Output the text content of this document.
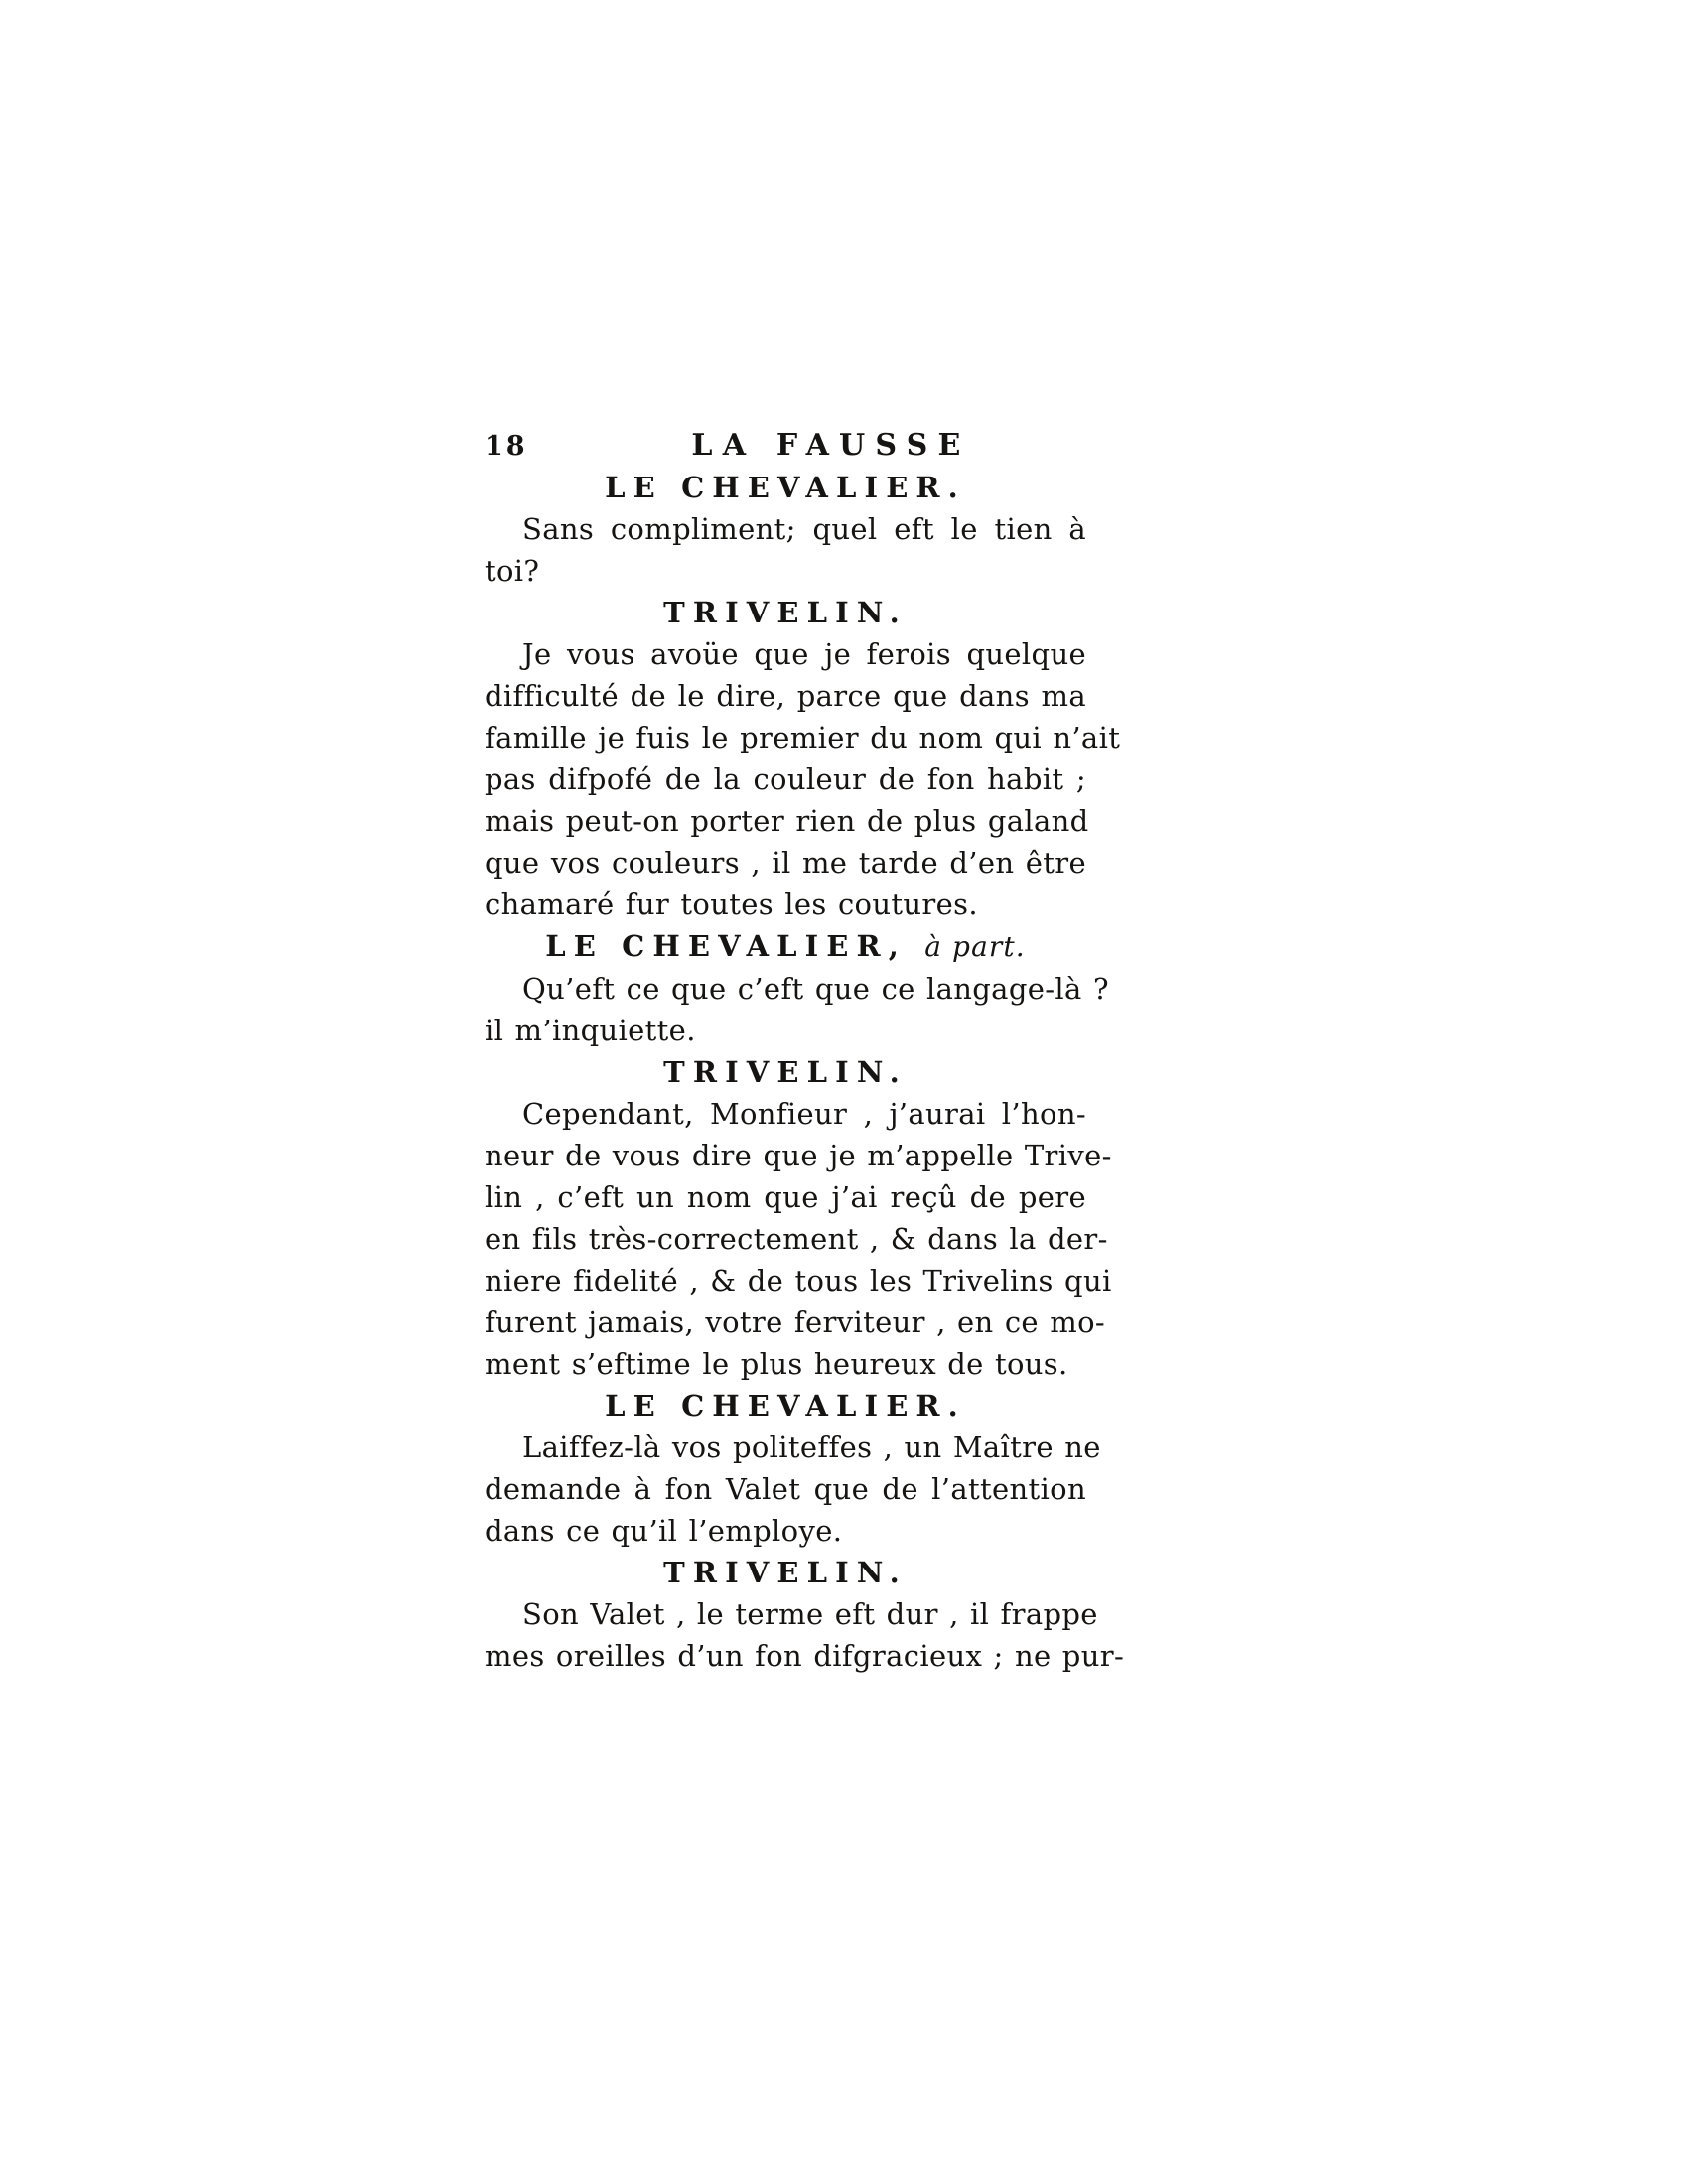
18	LA FAUSSE
LE CHEVALIER.
Sans compliment; quel eft le tien à
toi?
TRIVELIN.
Je vous avoüe que je ferois quelque
difficulté de le dire, parce que dans ma
famille je fuis le premier du nom qui n’ait
pas difpofé de la couleur de fon habit ;
mais peut-on porter rien de plus galand
que vos couleurs , il me tarde d’en être
chamaré fur toutes les coutures.
LE CHEVALIER, à part.
Qu’eft ce que c’eft que ce langage-là ?
il m’inquiette.
TRIVELIN.
Cependant, Monfieur , j’aurai l’hon-
neur de vous dire que je m’appelle Trive-
lin , c’eft un nom que j’ai reçû de pere
en fils très-correctement , & dans la der-
niere fidelité , & de tous les Trivelins qui
furent jamais, votre ferviteur , en ce mo-
ment s’eftime le plus heureux de tous.
LE CHEVALIER.
Laiffez-là vos politeffes , un Maître ne
demande à fon Valet que de l’attention
dans ce qu’il l’employe.
TRIVELIN.
Son Valet , le terme eft dur , il frappe
mes oreilles d’un fon difgracieux ; ne pur-
